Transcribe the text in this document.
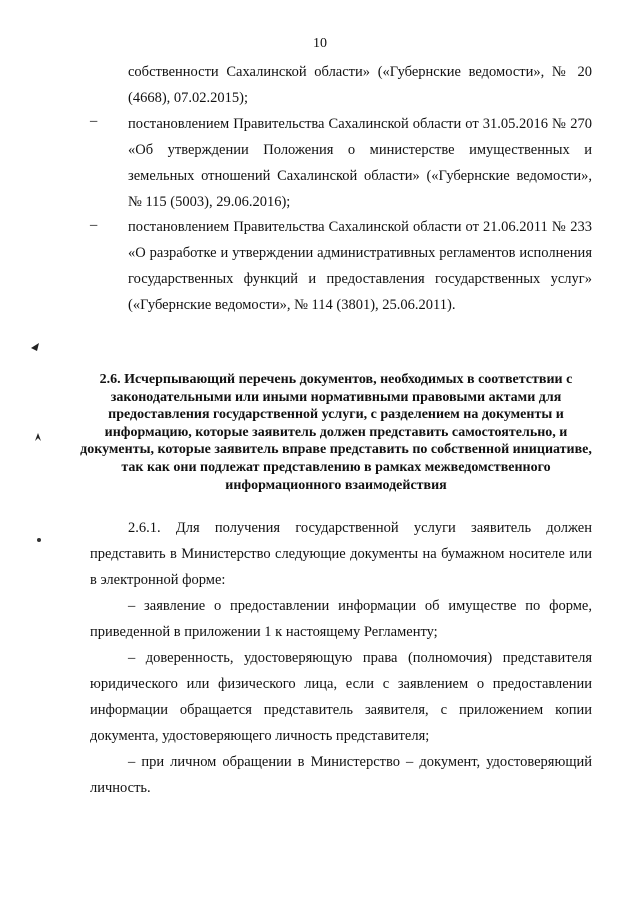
10
собственности Сахалинской области» («Губернские ведомости», № 20 (4668), 07.02.2015);
– постановлением Правительства Сахалинской области от 31.05.2016 № 270 «Об утверждении Положения о министерстве имущественных и земельных отношений Сахалинской области» («Губернские ведомости», № 115 (5003), 29.06.2016);
– постановлением Правительства Сахалинской области от 21.06.2011 № 233 «О разработке и утверждении административных регламентов исполнения государственных функций и предоставления государственных услуг» («Губернские ведомости», № 114 (3801), 25.06.2011).
2.6. Исчерпывающий перечень документов, необходимых в соответствии с законодательными или иными нормативными правовыми актами для предоставления государственной услуги, с разделением на документы и информацию, которые заявитель должен представить самостоятельно, и документы, которые заявитель вправе представить по собственной инициативе, так как они подлежат представлению в рамках межведомственного информационного взаимодействия
2.6.1. Для получения государственной услуги заявитель должен представить в Министерство следующие документы на бумажном носителе или в электронной форме:
– заявление о предоставлении информации об имуществе по форме, приведенной в приложении 1 к настоящему Регламенту;
– доверенность, удостоверяющую права (полномочия) представителя юридического или физического лица, если с заявлением о предоставлении информации обращается представитель заявителя, с приложением копии документа, удостоверяющего личность представителя;
– при личном обращении в Министерство – документ, удостоверяющий личность.
